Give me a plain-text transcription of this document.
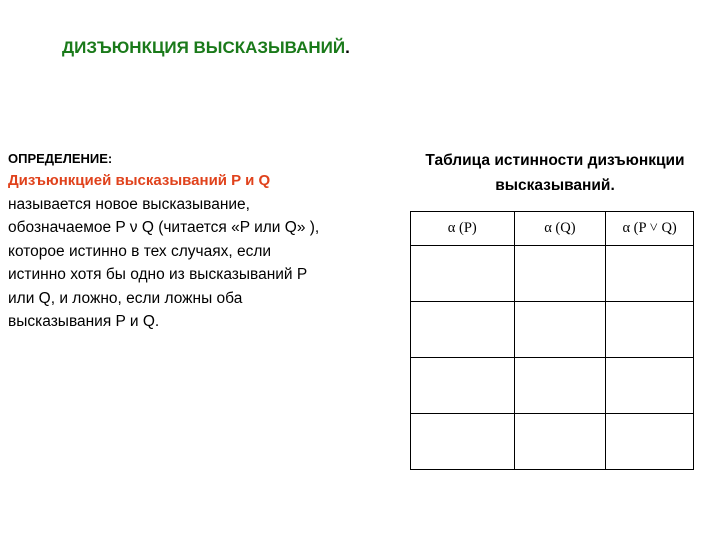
ДИЗЪЮНКЦИЯ ВЫСКАЗЫВАНИЙ.
ОПРЕДЕЛЕНИЕ:
Дизъюнкцией высказываний P и Q
называется новое высказывание,
обозначаемое P ν Q (читается «P или Q» ),
которое истинно в тех случаях, если
истинно хотя бы одно из высказываний P
или Q, и ложно, если ложны оба
высказывания P и Q.
Таблица истинности дизъюнкции
высказываний.
α (P)	α (Q)	α (P ˅ Q)
